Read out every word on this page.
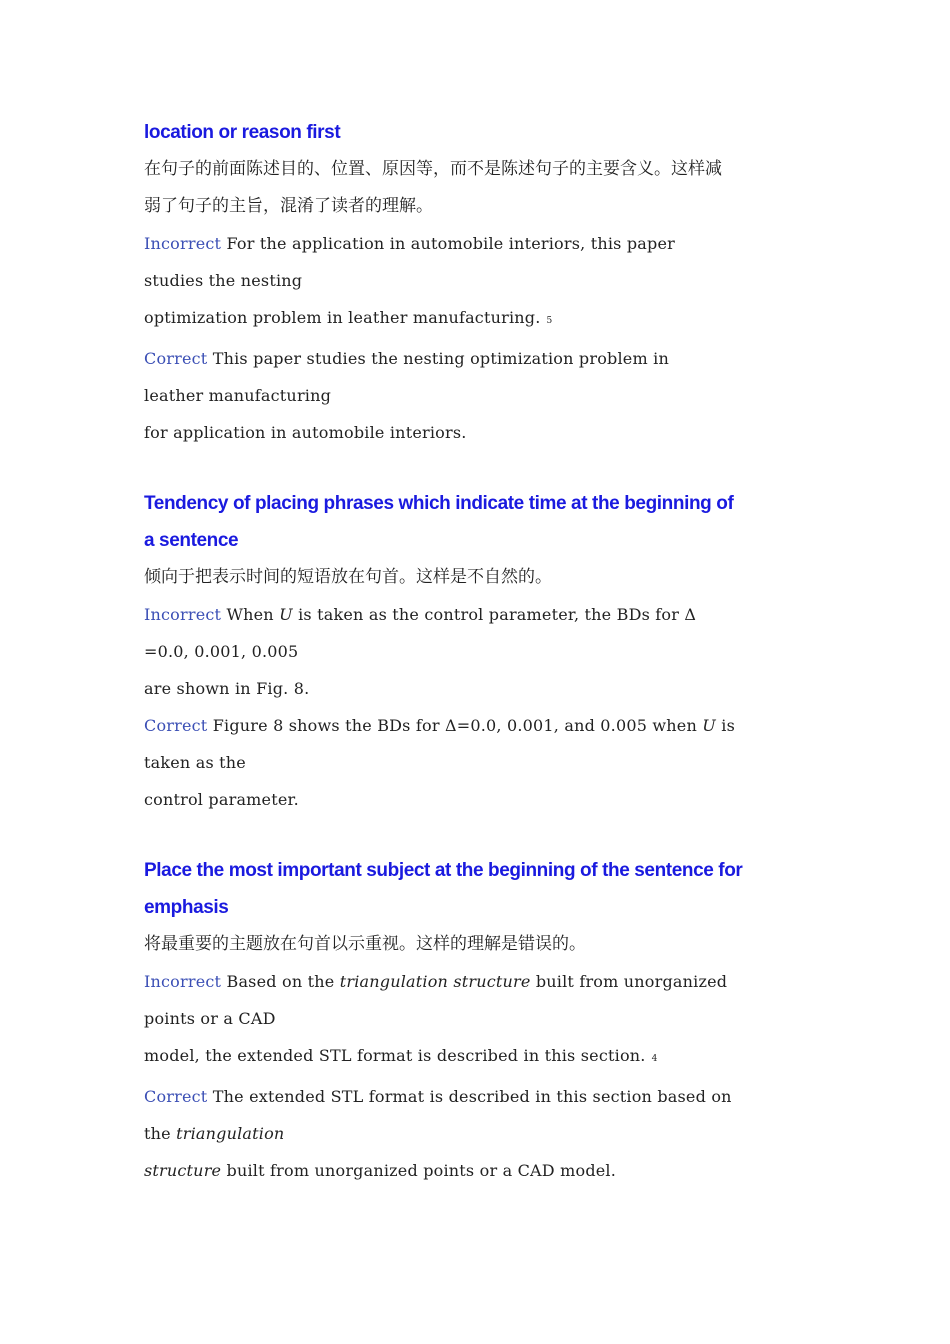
location or reason first

在句子的前面陈述目的、位置、原因等，而不是陈述句子的主要含义。这样减

弱了句子的主旨，混淆了读者的理解。

Incorrect For the application in automobile interiors, this paper

studies the nesting

optimization problem in leather manufacturing. 5

Correct This paper studies the nesting optimization problem in

leather manufacturing

for application in automobile interiors.

Tendency of placing phrases which indicate time at the beginning of

a sentence

倾向于把表示时间的短语放在句首。这样是不自然的。

Incorrect When U is taken as the control parameter, the BDs for Δ

=0.0, 0.001, 0.005

are shown in Fig. 8.

Correct Figure 8 shows the BDs for Δ=0.0, 0.001, and 0.005 when U is

taken as the

control parameter.

Place the most important subject at the beginning of the sentence for

emphasis

将最重要的主题放在句首以示重视。这样的理解是错误的。

Incorrect Based on the triangulation structure built from unorganized

points or a CAD

model, the extended STL format is described in this section. 4

Correct The extended STL format is described in this section based on

the triangulation

structure built from unorganized points or a CAD model.
